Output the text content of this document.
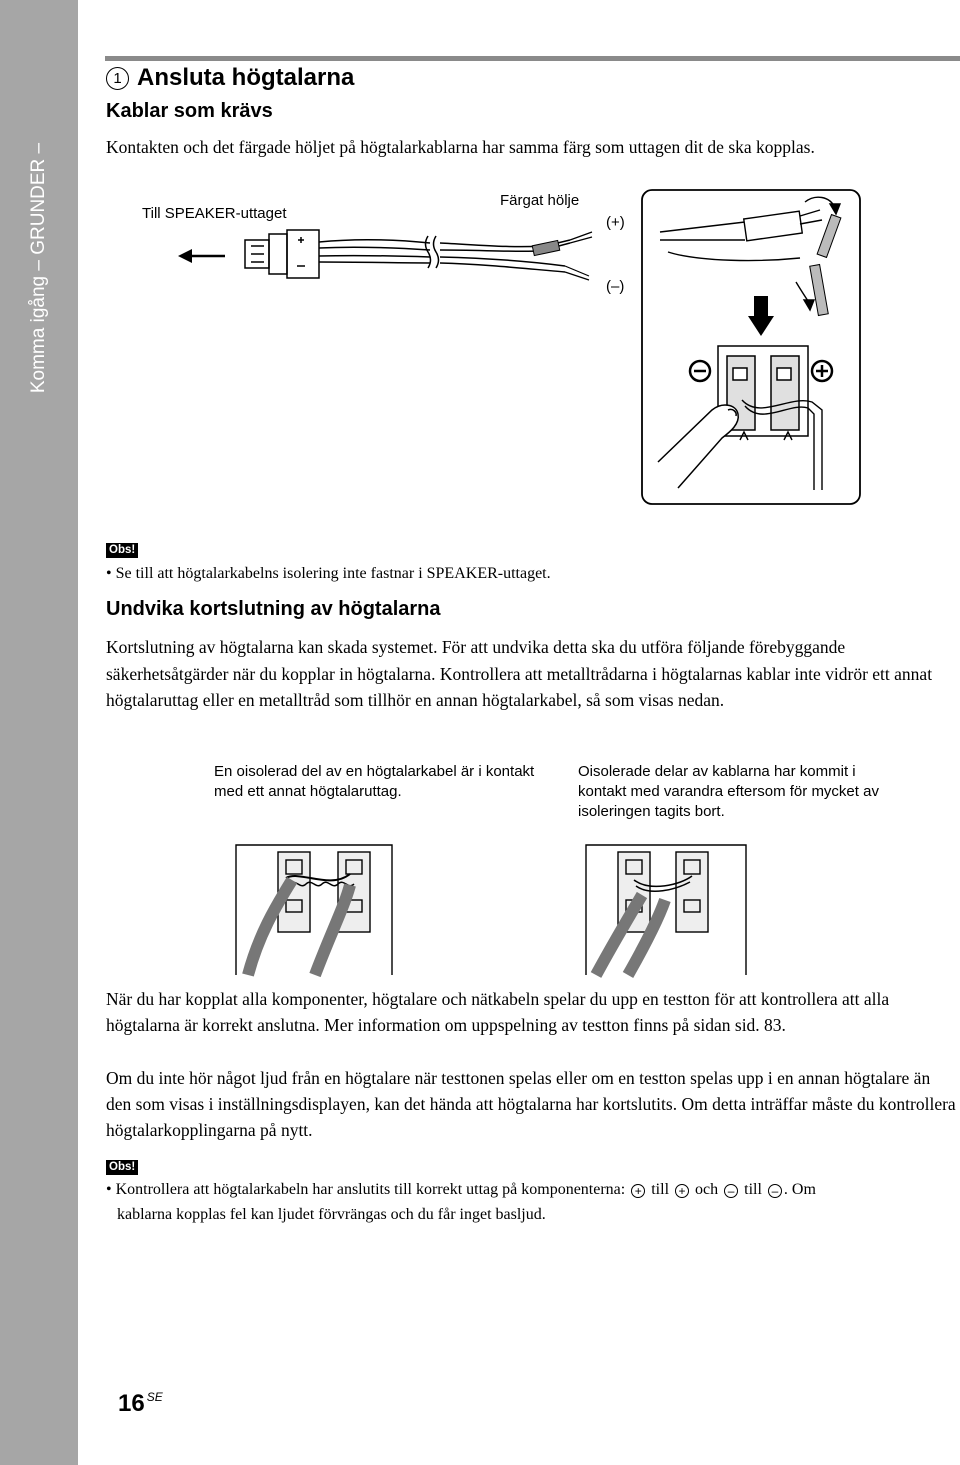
Komma igång – GRUNDER –
1 Ansluta högtalarna
Kablar som krävs
Kontakten och det färgade höljet på högtalarkablarna har samma färg som uttagen dit de ska kopplas.
Till SPEAKER-uttaget
Färgat hölje
(+)
(–)
Obs!
• Se till att högtalarkabelns isolering inte fastnar i SPEAKER-uttaget.
Undvika kortslutning av högtalarna
Kortslutning av högtalarna kan skada systemet. För att undvika detta ska du utföra följande förebyggande säkerhetsåtgärder när du kopplar in högtalarna. Kontrollera att metalltrådarna i högtalarnas kablar inte vidrör ett annat högtalaruttag eller en metalltråd som tillhör en annan högtalarkabel, så som visas nedan.
En oisolerad del av en högtalarkabel är i kontakt med ett annat högtalaruttag.
Oisolerade delar av kablarna har kommit i kontakt med varandra eftersom för mycket av isoleringen tagits bort.
När du har kopplat alla komponenter, högtalare och nätkabeln spelar du upp en testton för att kontrollera att alla högtalarna är korrekt anslutna. Mer information om uppspelning av testton finns på sidan sid. 83.
Om du inte hör något ljud från en högtalare när testtonen spelas eller om en testton spelas upp i en annan högtalare än den som visas i inställningsdisplayen, kan det hända att högtalarna har kortslutits. Om detta inträffar måste du kontrollera högtalarkopplingarna på nytt.
Obs!
• Kontrollera att högtalarkabeln har anslutits till korrekt uttag på komponenterna: + till + och – till – . Om
kablarna kopplas fel kan ljudet förvrängas och du får inget basljud.
16 $^{SE}$
